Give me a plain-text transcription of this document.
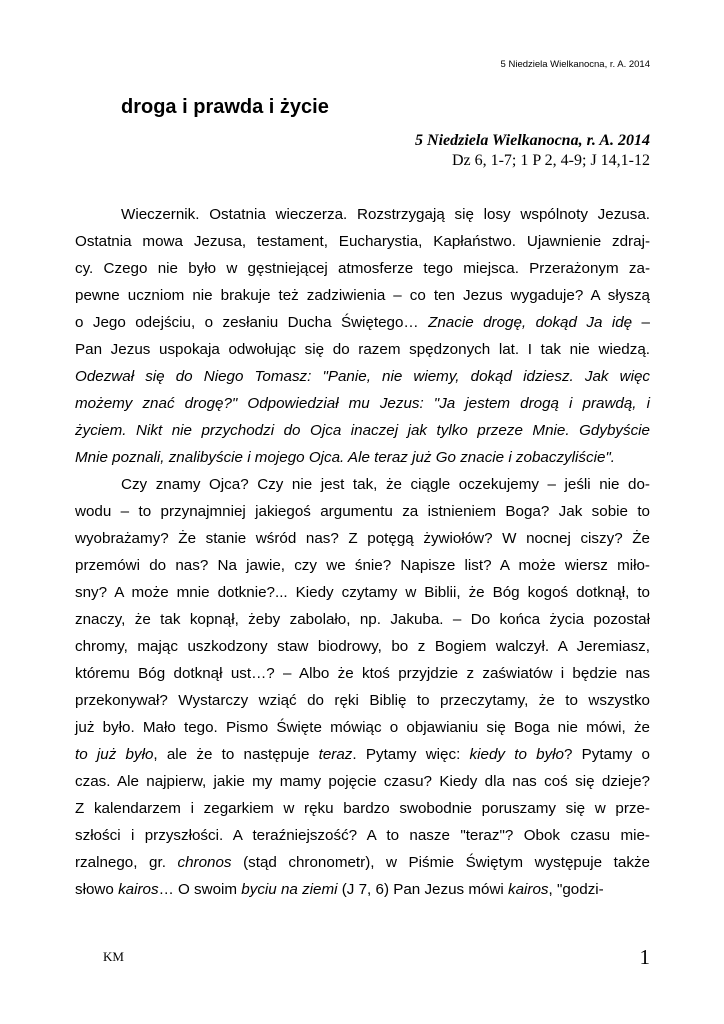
5 Niedziela Wielkanocna, r. A. 2014
droga i prawda i życie
5 Niedziela Wielkanocna, r. A. 2014
Dz 6, 1-7; 1 P 2, 4-9; J 14,1-12
Wieczernik. Ostatnia wieczerza. Rozstrzygają się losy wspólnoty Jezusa.
Ostatnia mowa Jezusa, testament, Eucharystia, Kapłaństwo. Ujawnienie zdraj-
cy. Czego nie było w gęstniejącej atmosferze tego miejsca. Przerażonym za-
pewne uczniom nie brakuje też zadziwienia – co ten Jezus wygaduje? A słyszą
o Jego odejściu, o zesłaniu Ducha Świętego… Znacie drogę, dokąd Ja idę –
Pan Jezus uspokaja odwołując się do razem spędzonych lat. I tak nie wiedzą.
Odezwał się do Niego Tomasz: "Panie, nie wiemy, dokąd idziesz. Jak więc
możemy znać drogę?" Odpowiedział mu Jezus: "Ja jestem drogą i prawdą, i
życiem. Nikt nie przychodzi do Ojca inaczej jak tylko przeze Mnie. Gdybyście
Mnie poznali, znalibyście i mojego Ojca. Ale teraz już Go znacie i zobaczyliście".
Czy znamy Ojca? Czy nie jest tak, że ciągle oczekujemy – jeśli nie do-
wodu – to przynajmniej jakiegoś argumentu za istnieniem Boga? Jak sobie to
wyobrażamy? Że stanie wśród nas? Z potęgą żywiołów? W nocnej ciszy? Że
przemówi do nas? Na jawie, czy we śnie? Napisze list? A może wiersz miło-
sny? A może mnie dotknie?... Kiedy czytamy w Biblii, że Bóg kogoś dotknął, to
znaczy, że tak kopnął, żeby zabolało, np. Jakuba. – Do końca życia pozostał
chromy, mając uszkodzony staw biodrowy, bo z Bogiem walczył. A Jeremiasz,
któremu Bóg dotknął ust…? – Albo że ktoś przyjdzie z zaświatów i będzie nas
przekonywał? Wystarczy wziąć do ręki Biblię to przeczytamy, że to wszystko
już było. Mało tego. Pismo Święte mówiąc o objawianiu się Boga nie mówi, że
to już było, ale że to następuje teraz. Pytamy więc: kiedy to było? Pytamy o
czas. Ale najpierw, jakie my mamy pojęcie czasu? Kiedy dla nas coś się dzieje?
Z kalendarzem i zegarkiem w ręku bardzo swobodnie poruszamy się w prze-
szłości i przyszłości. A teraźniejszość? A to nasze "teraz"? Obok czasu mie-
rzalnego, gr. chronos (stąd chronometr), w Piśmie Świętym występuje także
słowo kairos… O swoim byciu na ziemi (J 7, 6) Pan Jezus mówi kairos, "godzi-
KM	1
